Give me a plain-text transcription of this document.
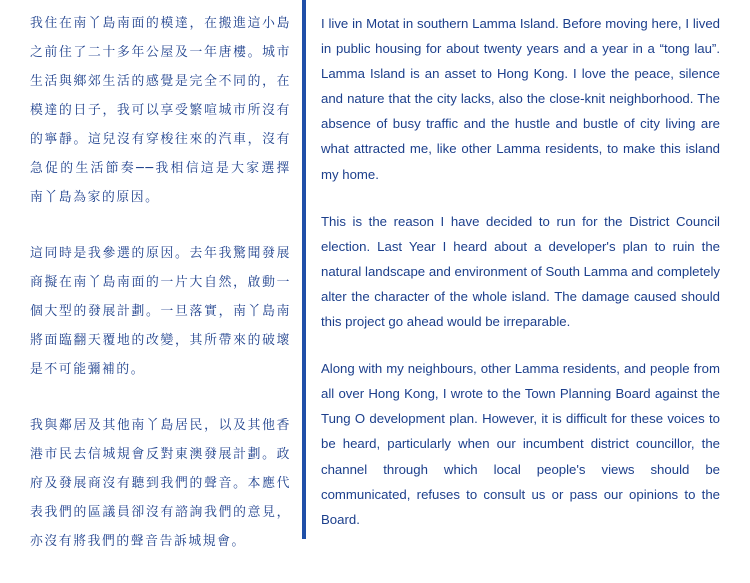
我住在南丫島南面的模達，在搬進這小島之前住了二十多年公屋及一年唐樓。城市生活與鄉郊生活的感覺是完全不同的，在模達的日子，我可以享受繁喧城市所沒有的寧靜。這兒沒有穿梭往來的汽車，沒有急促的生活節奏──我相信這是大家選擇南丫島為家的原因。

這同時是我參選的原因。去年我驚聞發展商擬在南丫島南面的一片大自然，啟動一個大型的發展計劃。一旦落實，南丫島南將面臨翻天覆地的改變，其所帶來的破壞是不可能彌補的。

我與鄰居及其他南丫島居民，以及其他香港市民去信城規會反對東澳發展計劃。政府及發展商沒有聽到我們的聲音。本應代表我們的區議員卻沒有諮詢我們的意見，亦沒有將我們的聲音告訴城規會。

I live in Motat in southern Lamma Island. Before moving here, I lived in public housing for about twenty years and a year in a “tong lau”. Lamma Island is an asset to Hong Kong. I love the peace, silence and nature that the city lacks, also the close-knit neighborhood. The absence of busy traffic and the hustle and bustle of city living are what attracted me, like other Lamma residents, to make this island my home.

This is the reason I have decided to run for the District Council election. Last Year I heard about a developer's plan to ruin the natural landscape and environment of South Lamma and completely alter the character of the whole island. The damage caused should this project go ahead would be irreparable.

Along with my neighbours, other Lamma residents, and people from all over Hong Kong, I wrote to the Town Planning Board against the Tung O development plan. However, it is difficult for these voices to be heard, particularly when our incumbent district councillor, the channel through which local people's views should be communicated, refuses to consult us or pass our opinions to the Board.
